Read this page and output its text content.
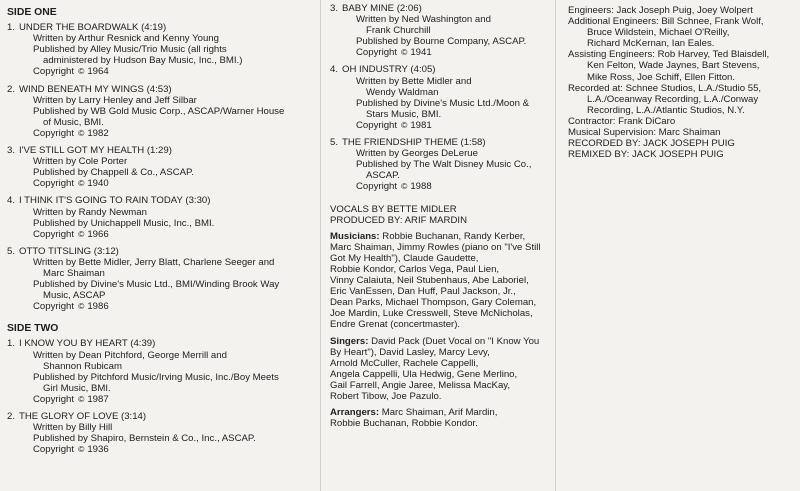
SIDE ONE
1. UNDER THE BOARDWALK (4:19)
Written by Arthur Resnick and Kenny Young
Published by Alley Music/Trio Music (all rights
administered by Hudson Bay Music, Inc., BMI.)
Copyright © 1964
2. WIND BENEATH MY WINGS (4:53)
Written by Larry Henley and Jeff Silbar
Published by WB Gold Music Corp., ASCAP/Warner House
of Music, BMI.
Copyright © 1982
3. I'VE STILL GOT MY HEALTH (1:29)
Written by Cole Porter
Published by Chappell & Co., ASCAP.
Copyright © 1940
4. I THINK IT'S GOING TO RAIN TODAY (3:30)
Written by Randy Newman
Published by Unichappell Music, Inc., BMI.
Copyright © 1966
5. OTTO TITSLING (3:12)
Written by Bette Midler, Jerry Blatt, Charlene Seeger and
Marc Shaiman
Published by Divine's Music Ltd., BMI/Winding Brook Way
Music, ASCAP
Copyright © 1986
SIDE TWO
1. I KNOW YOU BY HEART (4:39)
Written by Dean Pitchford, George Merrill and
Shannon Rubicam
Published by Pitchford Music/Irving Music, Inc./Boy Meets
Girl Music, BMI.
Copyright © 1987
2. THE GLORY OF LOVE (3:14)
Written by Billy Hill
Published by Shapiro, Bernstein & Co., Inc., ASCAP.
Copyright © 1936
3. BABY MINE (2:06)
Written by Ned Washington and
Frank Churchill
Published by Bourne Company, ASCAP.
Copyright © 1941
4. OH INDUSTRY (4:05)
Written by Bette Midler and
Wendy Waldman
Published by Divine's Music Ltd./Moon &
Stars Music, BMI.
Copyright © 1981
5. THE FRIENDSHIP THEME (1:58)
Written by Georges DeLerue
Published by The Walt Disney Music Co.,
ASCAP.
Copyright © 1988
VOCALS BY BETTE MIDLER
PRODUCED BY: ARIF MARDIN
Musicians: Robbie Buchanan, Randy Kerber,
Marc Shaiman, Jimmy Rowles (piano on "I've Still
Got My Health"), Claude Gaudette,
Robbie Kondor, Carlos Vega, Paul Lien,
Vinny Calaiuta, Neil Stubenhaus, Abe Laboriel,
Eric VanEssen, Dan Huff, Paul Jackson, Jr.,
Dean Parks, Michael Thompson, Gary Coleman,
Joe Mardin, Luke Cresswell, Steve McNicholas,
Endre Grenat (concertmaster).
Singers: David Pack (Duet Vocal on "I Know You
By Heart"), David Lasley, Marcy Levy,
Arnold McCuller, Rachele Cappelli,
Angela Cappelli, Ula Hedwig, Gene Merlino,
Gail Farrell, Angie Jaree, Melissa MacKay,
Robert Tibow, Joe Pazulo.
Arrangers: Marc Shaiman, Arif Mardin,
Robbie Buchanan, Robbie Kondor.
Engineers: Jack Joseph Puig, Joey Wolpert
Additional Engineers: Bill Schnee, Frank Wolf,
Bruce Wildstein, Michael O'Reilly,
Richard McKernan, Ian Eales.
Assisting Engineers: Rob Harvey, Ted Blaisdell,
Ken Felton, Wade Jaynes, Bart Stevens,
Mike Ross, Joe Schiff, Ellen Fitton.
Recorded at: Schnee Studios, L.A./Studio 55,
L.A./Oceanway Recording, L.A./Conway
Recording, L.A./Atlantic Studios, N.Y.
Contractor: Frank DiCaro
Musical Supervision: Marc Shaiman
RECORDED BY: JACK JOSEPH PUIG
REMIXED BY: JACK JOSEPH PUIG
